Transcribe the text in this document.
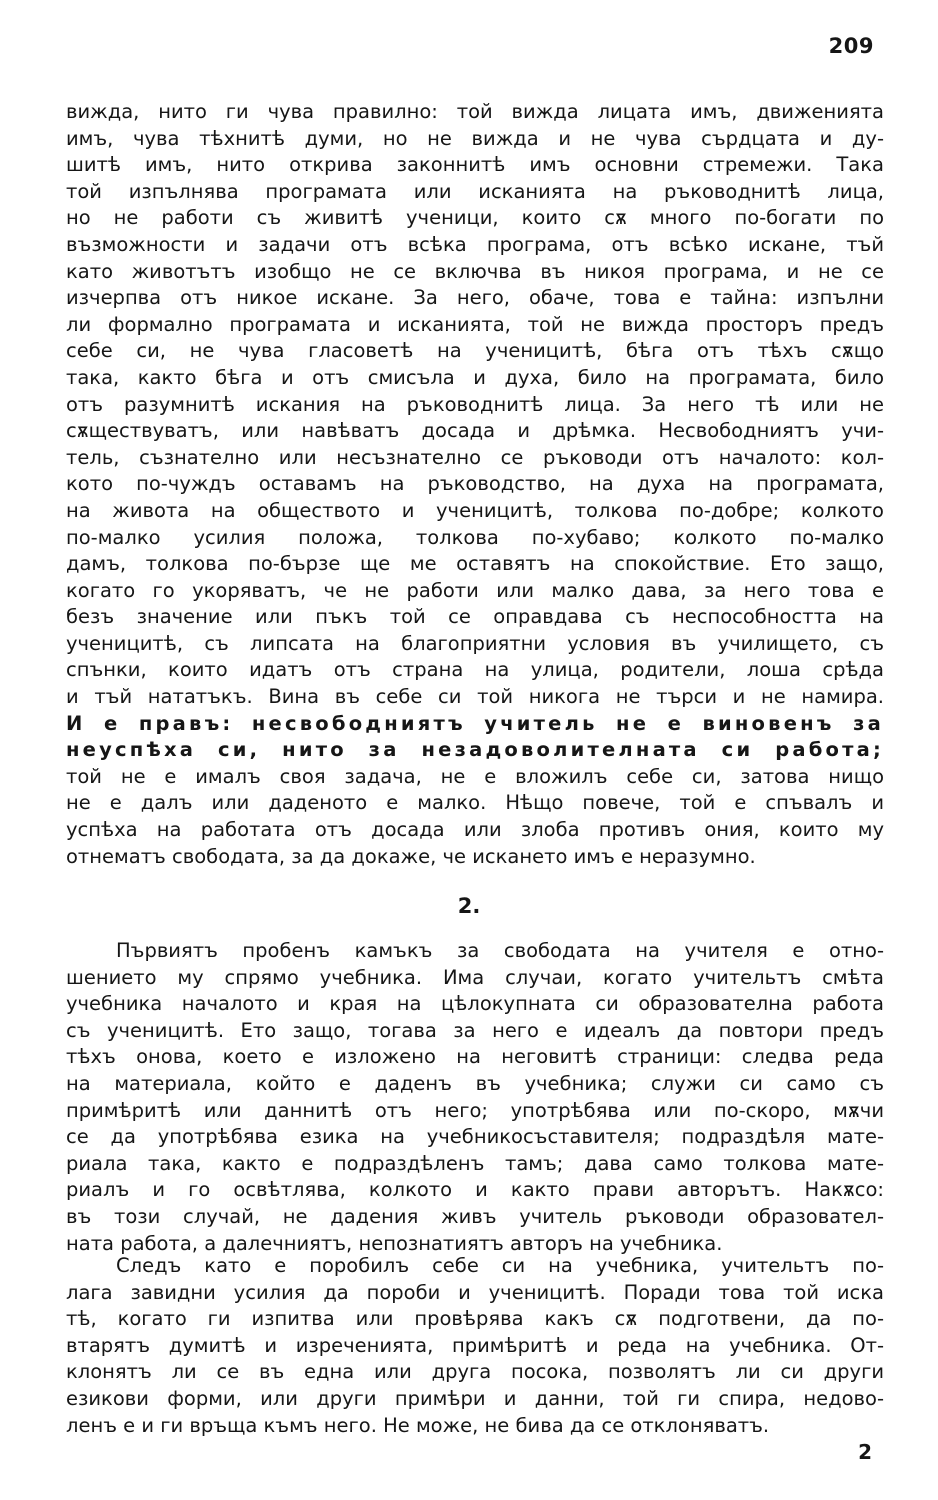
209
вижда, нито ги чува правилно: той вижда лицата имъ, движенията
имъ, чува тѣхнитѣ думи, но не вижда и не чува сърдцата и ду-
шитѣ имъ, нито открива законнитѣ имъ основни стремежи. Така
той изпълнява програмата или исканията на ръководнитѣ лица,
но не работи съ живитѣ ученици, които сѫ много по-богати по
възможности и задачи отъ всѣка програма, отъ всѣко искане, тъй
като животътъ изобщо не се включва въ никоя програма, и не се
изчерпва отъ никое искане. За него, обаче, това е тайна: изпълни
ли формално програмата и исканията, той не вижда просторъ предъ
себе си, не чува гласоветѣ на ученицитѣ, бѣга отъ тѣхъ сѫщо
така, както бѣга и отъ смисъла и духа, било на програмата, било
отъ разумнитѣ искания на ръководнитѣ лица. За него тѣ или не
сѫществуватъ, или навѣватъ досада и дрѣмка. Несвободниятъ учи-
тель, съзнателно или несъзнателно се ръководи отъ началото: кол-
кото по-чуждъ оставамъ на ръководство, на духа на програмата,
на живота на обществото и ученицитѣ, толкова по-добре; колкото
по-малко усилия положа, толкова по-хубаво; колкото по-малко
дамъ, толкова по-бързе ще ме оставятъ на спокойствие. Ето защо,
когато го укоряватъ, че не работи или малко дава, за него това е
безъ значение или пъкъ той се оправдава съ неспособността на
ученицитѣ, съ липсата на благоприятни условия въ училището, съ
спънки, които идатъ отъ страна на улица, родители, лоша срѣда
и тъй нататъкъ. Вина въ себе си той никога не търси и не намира.
И е правъ: несвободниятъ учитель не е виновенъ за
неуспѣха си, нито за незадоволителната си работа;
той не е ималъ своя задача, не е вложилъ себе си, затова нищо
не е далъ или даденото е малко. Нѣщо повече, той е спъвалъ и
успѣха на работата отъ досада или злоба противъ ония, които му
отнематъ свободата, за да докаже, че искането имъ е неразумно.
2.
Първиятъ пробенъ камъкъ за свободата на учителя е отно-
шението му спрямо учебника. Има случаи, когато учительтъ смѣта
учебника началото и края на цѣлокупната си образователна работа
съ ученицитѣ. Ето защо, тогава за него е идеалъ да повтори предъ
тѣхъ онова, което е изложено на неговитѣ страници: следва реда
на материала, който е даденъ въ учебника; служи си само съ
примѣритѣ или даннитѣ отъ него; употрѣбява или по-скоро, мѫчи
се да употрѣбява езика на учебникосъставителя; подраздѣля мате-
риала така, както е подраздѣленъ тамъ; дава само толкова мате-
риалъ и го освѣтлява, колкото и както прави авторътъ. Накѫсо:
въ този случай, не дадения живъ учитель ръководи образовател-
ната работа, а далечниятъ, непознатиятъ авторъ на учебника.
Следъ като е поробилъ себе си на учебника, учительтъ по-
лага завидни усилия да пороби и ученицитѣ. Поради това той иска
тѣ, когато ги изпитва или провѣрява какъ сѫ подготвени, да по-
втарятъ думитѣ и изреченията, примѣритѣ и реда на учебника. От-
клонятъ ли се въ една или друга посока, позволятъ ли си други
езикови форми, или други примѣри и данни, той ги спира, недово-
ленъ е и ги връща къмъ него. Не може, не бива да се отклоняватъ.
2
